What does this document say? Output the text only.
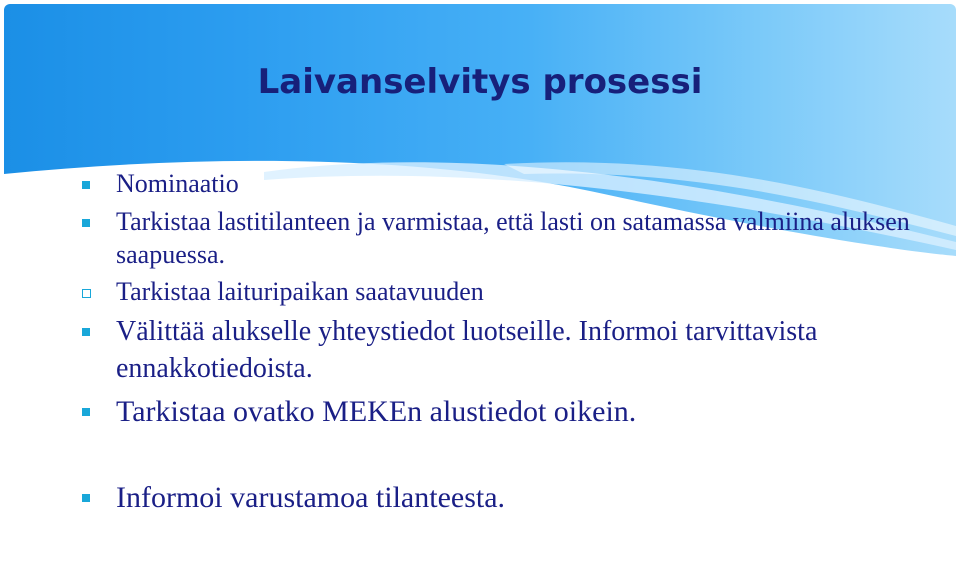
Laivanselvitys prosessi
Nominaatio
Tarkistaa lastitilanteen ja varmistaa, että lasti on satamassa valmiina aluksen saapuessa.
Tarkistaa laituripaikan saatavuuden
Välittää alukselle yhteystiedot luotseille. Informoi tarvittavista ennakkotiedoista.
Tarkistaa ovatko MEKEn alustiedot oikein.
Informoi varustamoa tilanteesta.
